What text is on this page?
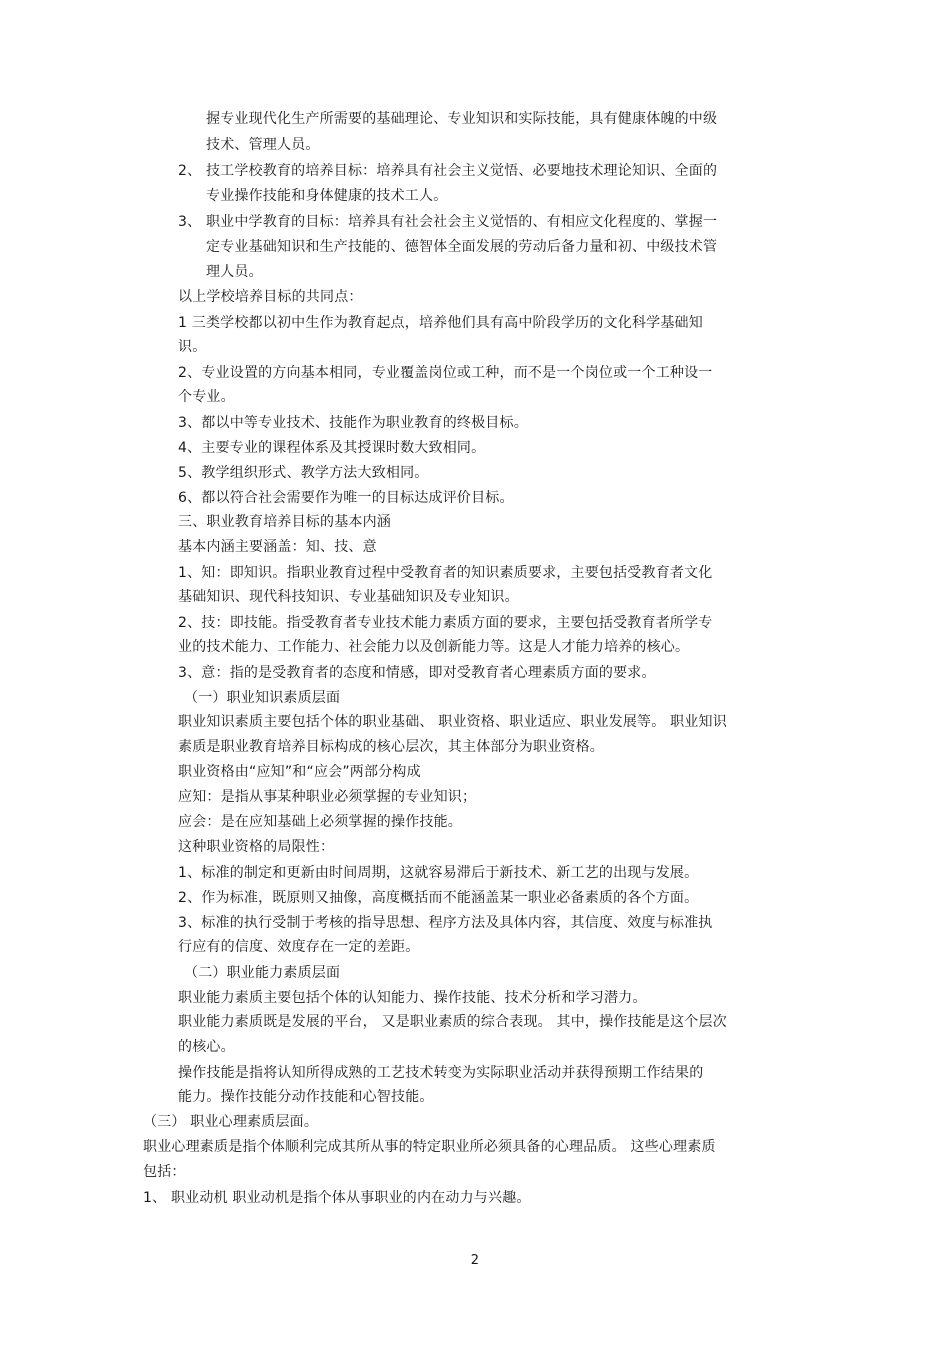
握专业现代化生产所需要的基础理论、专业知识和实际技能，具有健康体魄的中级
技术、管理人员。
2、 技工学校教育的培养目标：培养具有社会主义觉悟、必要地技术理论知识、全面的
专业操作技能和身体健康的技术工人。
3、 职业中学教育的目标：培养具有社会社会主义觉悟的、有相应文化程度的、掌握一
定专业基础知识和生产技能的、德智体全面发展的劳动后备力量和初、中级技术管
理人员。
以上学校培养目标的共同点：
1 三类学校都以初中生作为教育起点，培养他们具有高中阶段学历的文化科学基础知
识。
2、专业设置的方向基本相同，专业覆盖岗位或工种，而不是一个岗位或一个工种设一
个专业。
3、都以中等专业技术、技能作为职业教育的终极目标。
4、主要专业的课程体系及其授课时数大致相同。
5、教学组织形式、教学方法大致相同。
6、都以符合社会需要作为唯一的目标达成评价目标。
三、职业教育培养目标的基本内涵
基本内涵主要涵盖：知、技、意
1、知：即知识。指职业教育过程中受教育者的知识素质要求，主要包括受教育者文化
基础知识、现代科技知识、专业基础知识及专业知识。
2、技：即技能。指受教育者专业技术能力素质方面的要求，主要包括受教育者所学专
业的技术能力、工作能力、社会能力以及创新能力等。这是人才能力培养的核心。
3、意：指的是受教育者的态度和情感，即对受教育者心理素质方面的要求。
（一）职业知识素质层面
职业知识素质主要包括个体的职业基础、 职业资格、职业适应、职业发展等。 职业知识
素质是职业教育培养目标构成的核心层次，其主体部分为职业资格。
职业资格由“应知”和“应会”两部分构成
应知：是指从事某种职业必须掌握的专业知识；
应会：是在应知基础上必须掌握的操作技能。
这种职业资格的局限性：
1、标准的制定和更新由时间周期，这就容易滞后于新技术、新工艺的出现与发展。
2、作为标准，既原则又抽像，高度概括而不能涵盖某一职业必备素质的各个方面。
3、标准的执行受制于考核的指导思想、程序方法及具体内容，其信度、效度与标准执
行应有的信度、效度存在一定的差距。
（二）职业能力素质层面
职业能力素质主要包括个体的认知能力、操作技能、技术分析和学习潜力。
职业能力素质既是发展的平台， 又是职业素质的综合表现。 其中，操作技能是这个层次
的核心。
操作技能是指将认知所得成熟的工艺技术转变为实际职业活动并获得预期工作结果的
能力。操作技能分动作技能和心智技能。
（三） 职业心理素质层面。
职业心理素质是指个体顺利完成其所从事的特定职业所必须具备的心理品质。 这些心理素质
包括：
1、 职业动机 职业动机是指个体从事职业的内在动力与兴趣。
2
